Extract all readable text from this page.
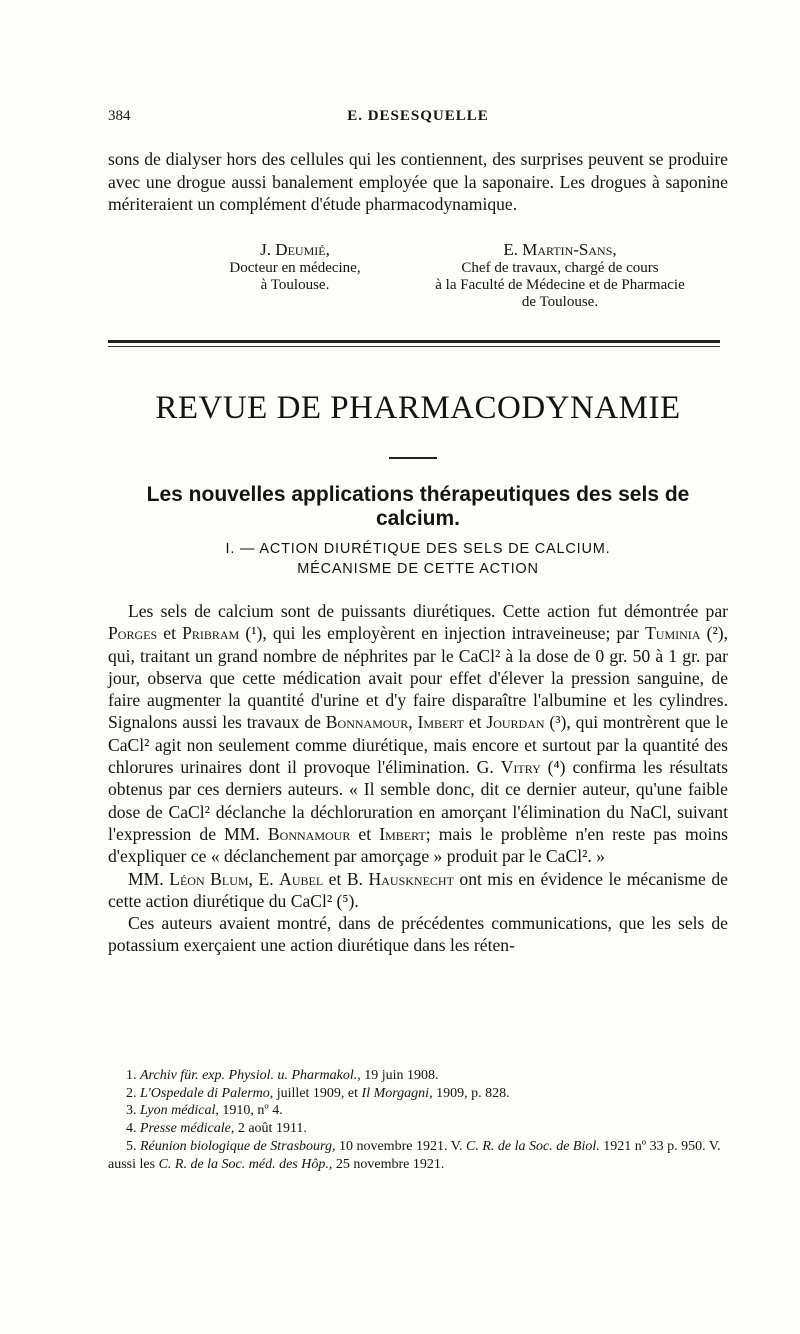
384	E. DESESQUELLE
sons de dialyser hors des cellules qui les contiennent, des surprises peuvent se produire avec une drogue aussi banalement employée que la saponaire. Les drogues à saponine mériteraient un complément d'étude pharmacodynamique.
J. Deumié,
Docteur en médecine,
à Toulouse.
E. Martin-Sans,
Chef de travaux, chargé de cours
à la Faculté de Médecine et de Pharmacie
de Toulouse.
REVUE DE PHARMACODYNAMIE
Les nouvelles applications thérapeutiques des sels de calcium.
I. — ACTION DIURÉTIQUE DES SELS DE CALCIUM.
MÉCANISME DE CETTE ACTION

Les sels de calcium sont de puissants diurétiques. Cette action fut démontrée par Porges et Pribram (¹), qui les employèrent en injection intraveineuse; par Tuminia (²), qui, traitant un grand nombre de néphrites par le CaCl² à la dose de 0 gr. 50 à 1 gr. par jour, observa que cette médication avait pour effet d'élever la pression sanguine, de faire augmenter la quantité d'urine et d'y faire disparaître l'albumine et les cylindres. Signalons aussi les travaux de Bonnamour, Imbert et Jourdan (³), qui montrèrent que le CaCl² agit non seulement comme diurétique, mais encore et surtout par la quantité des chlorures urinaires dont il provoque l'élimination. G. Vitry (⁴) confirma les résultats obtenus par ces derniers auteurs. « Il semble donc, dit ce dernier auteur, qu'une faible dose de CaCl² déclanche la déchloruration en amorçant l'élimination du NaCl, suivant l'expression de MM. Bonnamour et Imbert; mais le problème n'en reste pas moins d'expliquer ce « déclanchement par amorçage » produit par le CaCl². »

MM. Léon Blum, E. Aubel et B. Hausknecht ont mis en évidence le mécanisme de cette action diurétique du CaCl² (⁵).

Ces auteurs avaient montré, dans de précédentes communications, que les sels de potassium exerçaient une action diurétique dans les réten-

1. Archiv für. exp. Physiol. u. Pharmakol., 19 juin 1908.

2. L'Ospedale di Palermo, juillet 1909, et Il Morgagni, 1909, p. 828.

3. Lyon médical, 1910, nº 4.

4. Presse médicale, 2 août 1911.

5. Réunion biologique de Strasbourg, 10 novembre 1921. V. C. R. de la Soc. de Biol. 1921 nº 33 p. 950. V. aussi les C. R. de la Soc. méd. des Hôp., 25 novembre 1921.
